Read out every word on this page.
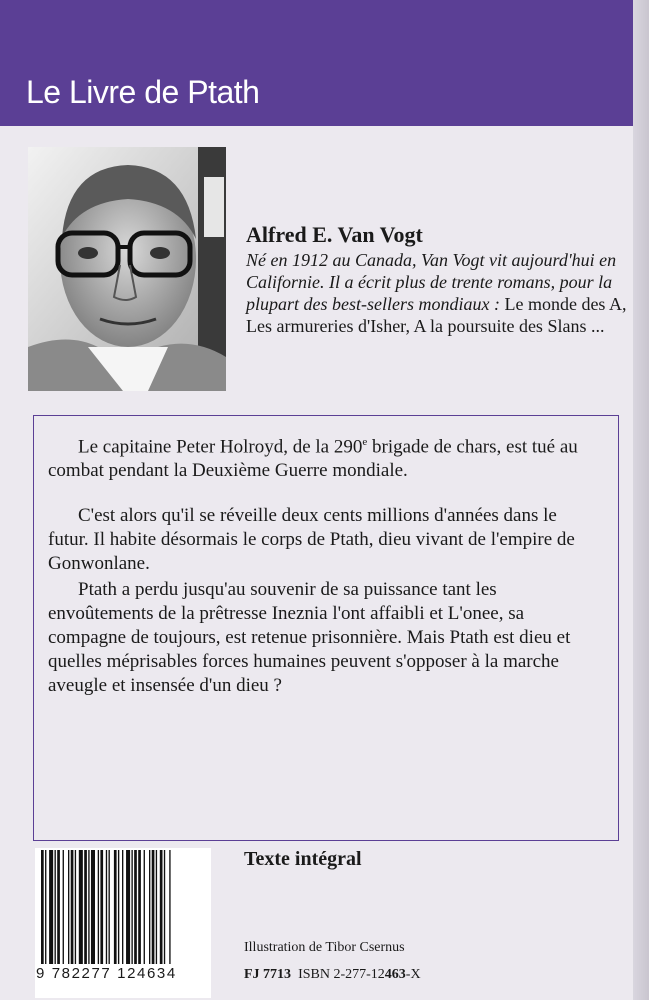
Le Livre de Ptath
Alfred E. Van Vogt
Né en 1912 au Canada, Van Vogt vit aujourd'hui en Californie. Il a écrit plus de trente romans, pour la plupart des best-sellers mondiaux : Le monde des A, Les armureries d'Isher, A la poursuite des Slans ...

Le capitaine Peter Holroyd, de la 290e brigade de chars, est tué au combat pendant la Deuxième Guerre mondiale.

C'est alors qu'il se réveille deux cents millions d'années dans le futur. Il habite désormais le corps de Ptath, dieu vivant de l'empire de Gonwonlane.

Ptath a perdu jusqu'au souvenir de sa puissance tant les envoûtements de la prêtresse Ineznia l'ont affaibli et L'onee, sa compagne de toujours, est retenue prisonnière. Mais Ptath est dieu et quelles méprisables forces humaines peuvent s'opposer à la marche aveugle et insensée d'un dieu ?

9 782277 124634
Texte intégral
Illustration de Tibor Csernus
FJ 7713 ISBN 2-277-12463-X
